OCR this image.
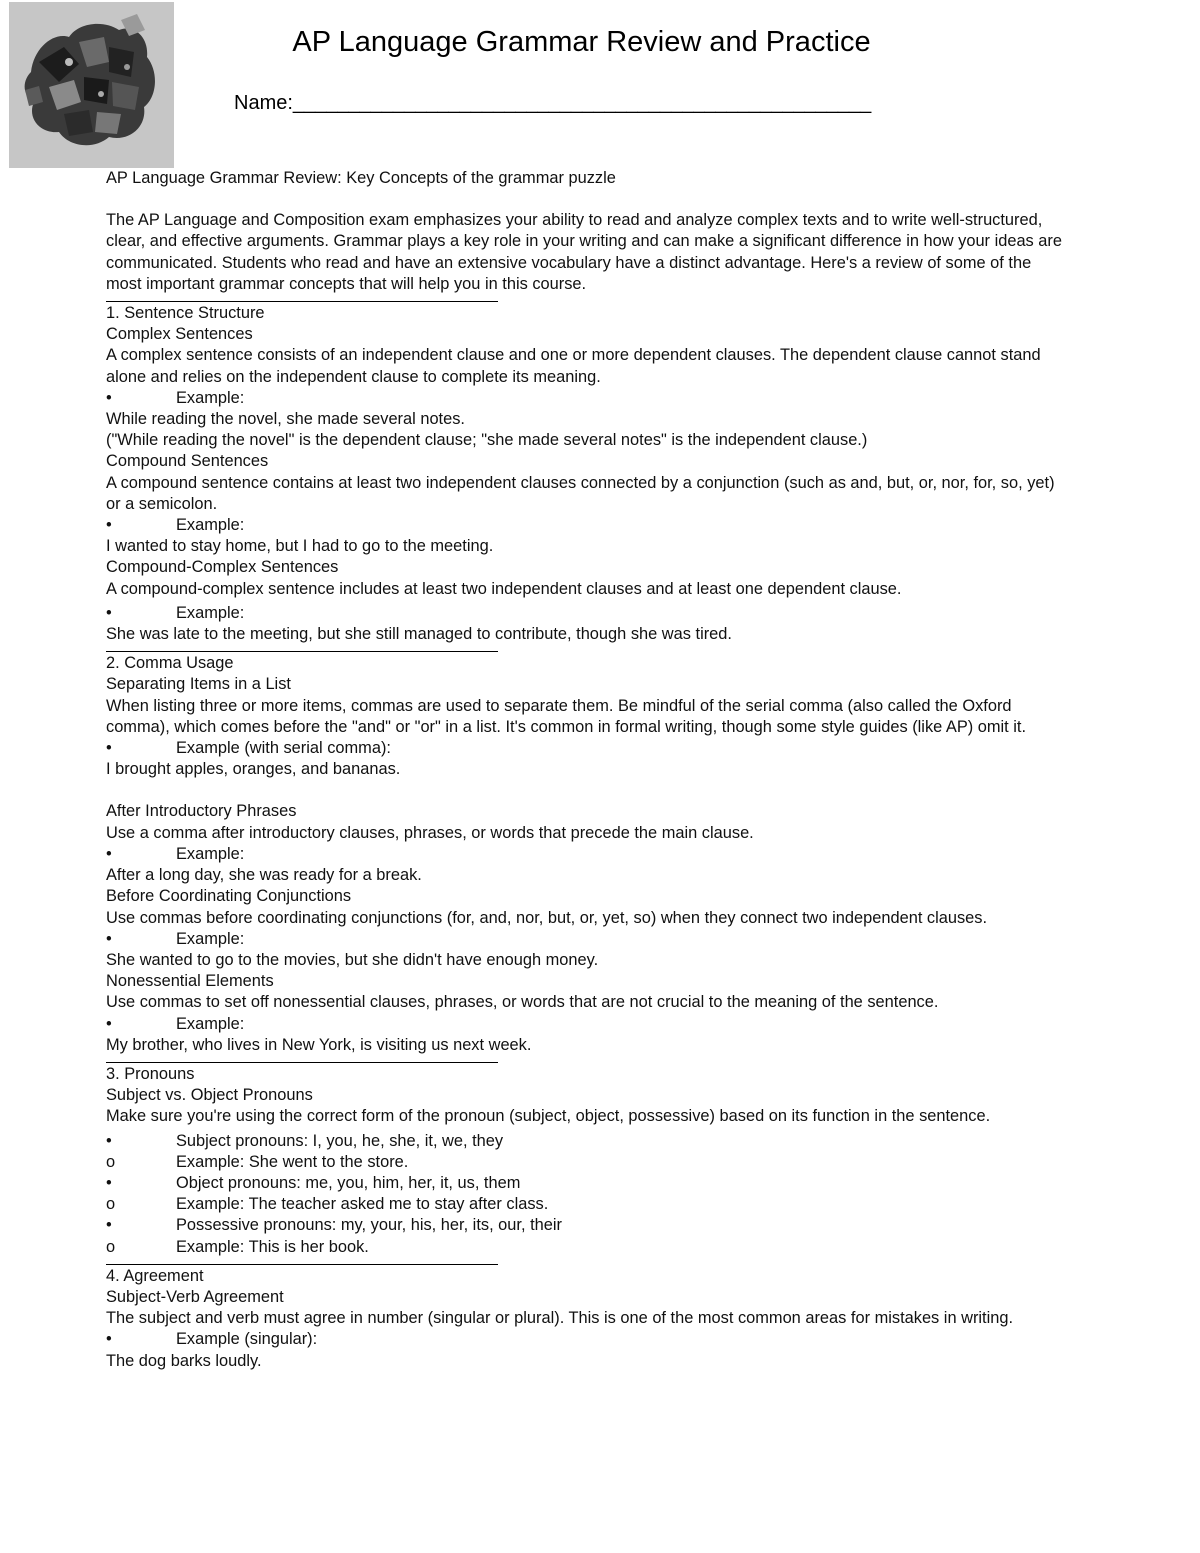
AP Language Grammar Review and Practice
Name:____________________________________________________

AP Language Grammar Review: Key Concepts of the grammar puzzle

The AP Language and Composition exam emphasizes your ability to read and analyze complex texts and to write well-structured, clear, and effective arguments. Grammar plays a key role in your writing and can make a significant difference in how your ideas are communicated. Students who read and have an extensive vocabulary have a distinct advantage. Here's a review of some of the most important grammar concepts that will help you in this course.

1. Sentence Structure

Complex Sentences

A complex sentence consists of an independent clause and one or more dependent clauses. The dependent clause cannot stand alone and relies on the independent clause to complete its meaning.

•	Example:

While reading the novel, she made several notes.

("While reading the novel" is the dependent clause; "she made several notes" is the independent clause.)

Compound Sentences

A compound sentence contains at least two independent clauses connected by a conjunction (such as and, but, or, nor, for, so, yet) or a semicolon.

•	Example:

I wanted to stay home, but I had to go to the meeting.

Compound-Complex Sentences

A compound-complex sentence includes at least two independent clauses and at least one dependent clause.

•	Example:

She was late to the meeting, but she still managed to contribute, though she was tired.

2. Comma Usage

Separating Items in a List

When listing three or more items, commas are used to separate them. Be mindful of the serial comma (also called the Oxford comma), which comes before the "and" or "or" in a list. It's common in formal writing, though some style guides (like AP) omit it.

•	Example (with serial comma):

I brought apples, oranges, and bananas.

After Introductory Phrases

Use a comma after introductory clauses, phrases, or words that precede the main clause.

•	Example:

After a long day, she was ready for a break.

Before Coordinating Conjunctions

Use commas before coordinating conjunctions (for, and, nor, but, or, yet, so) when they connect two independent clauses.

•	Example:

She wanted to go to the movies, but she didn't have enough money.

Nonessential Elements

Use commas to set off nonessential clauses, phrases, or words that are not crucial to the meaning of the sentence.

•	Example:

My brother, who lives in New York, is visiting us next week.

3. Pronouns

Subject vs. Object Pronouns

Make sure you're using the correct form of the pronoun (subject, object, possessive) based on its function in the sentence.

•	Subject pronouns: I, you, he, she, it, we, they
o	Example: She went to the store.
•	Object pronouns: me, you, him, her, it, us, them
o	Example: The teacher asked me to stay after class.
•	Possessive pronouns: my, your, his, her, its, our, their
o	Example: This is her book.

4. Agreement

Subject-Verb Agreement

The subject and verb must agree in number (singular or plural). This is one of the most common areas for mistakes in writing.

•	Example (singular):

The dog barks loudly.
